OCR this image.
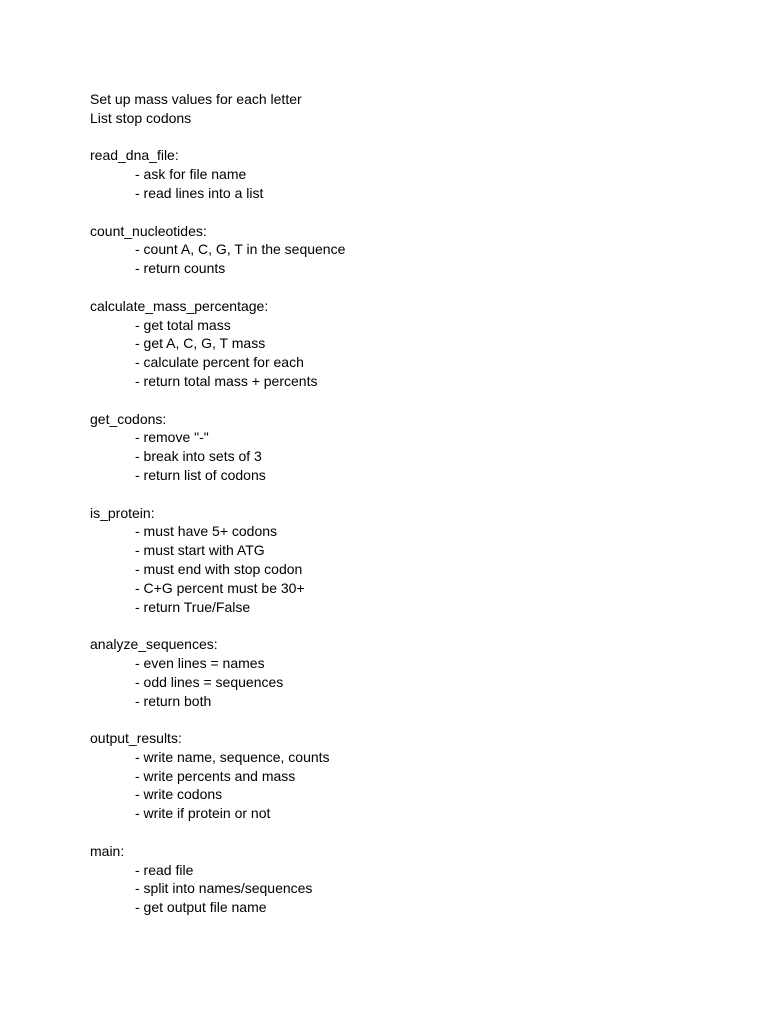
Set up mass values for each letter
List stop codons
read_dna_file:
- ask for file name
- read lines into a list
count_nucleotides:
- count A, C, G, T in the sequence
- return counts
calculate_mass_percentage:
- get total mass
- get A, C, G, T mass
- calculate percent for each
- return total mass + percents
get_codons:
- remove "-"
- break into sets of 3
- return list of codons
is_protein:
- must have 5+ codons
- must start with ATG
- must end with stop codon
- C+G percent must be 30+
- return True/False
analyze_sequences:
- even lines = names
- odd lines = sequences
- return both
output_results:
- write name, sequence, counts
- write percents and mass
- write codons
- write if protein or not
main:
- read file
- split into names/sequences
- get output file name
